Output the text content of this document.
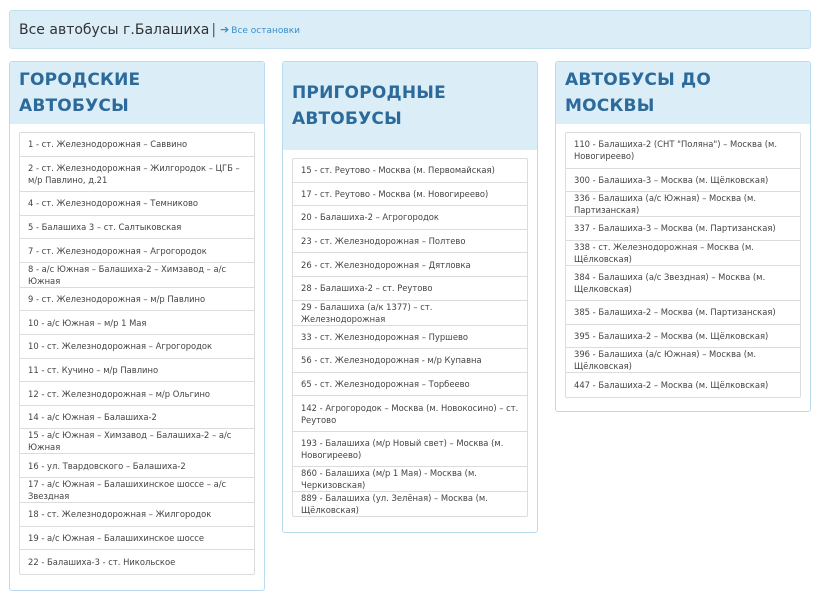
Все автобусы г.Балашиха | ➔ Все остановки
ГОРОДСКИЕ АВТОБУСЫ
1 - ст. Железнодорожная – Саввино
2 - ст. Железнодорожная – Жилгородок – ЦГБ – м/р Павлино, д.21
4 - ст. Железнодорожная – Темниково
5 - Балашиха 3 – ст. Салтыковская
7 - ст. Железнодорожная – Агрогородок
8 - а/с Южная – Балашиха-2 – Химзавод – а/с Южная
9 - ст. Железнодорожная – м/р Павлино
10 - а/с Южная – м/р 1 Мая
10 - ст. Железнодорожная – Агрогородок
11 - ст. Кучино – м/р Павлино
12 - ст. Железнодорожная – м/р Ольгино
14 - а/с Южная – Балашиха-2
15 - а/с Южная – Химзавод – Балашиха-2 – а/с Южная
16 - ул. Твардовского – Балашиха-2
17 - а/с Южная – Балашихинское шоссе – а/с Звездная
18 - ст. Железнодорожная – Жилгородок
19 - а/с Южная – Балашихинское шоссе
22 - Балашиха-3 - ст. Никольское
ПРИГОРОДНЫЕ АВТОБУСЫ
15 - ст. Реутово - Москва (м. Первомайская)
17 - ст. Реутово - Москва (м. Новогиреево)
20 - Балашиха-2 – Агрогородок
23 - ст. Железнодорожная – Полтево
26 - ст. Железнодорожная – Дятловка
28 - Балашиха-2 – ст. Реутово
29 - Балашиха (а/к 1377) – ст. Железнодорожная
33 - ст. Железнодорожная – Пуршево
56 - ст. Железнодорожная - м/р Купавна
65 - ст. Железнодорожная – Торбеево
142 - Агрогородок – Москва (м. Новокосино) – ст. Реутово
193 - Балашиха (м/р Новый свет) – Москва (м. Новогиреево)
860 - Балашиха (м/р 1 Мая) - Москва (м. Черкизовская)
889 - Балашиха (ул. Зелёная) – Москва (м. Щёлковская)
АВТОБУСЫ ДО МОСКВЫ
110 - Балашиха-2 (СНТ "Поляна") – Москва (м. Новогиреево)
300 - Балашиха-3 – Москва (м. Щёлковская)
336 - Балашиха (а/с Южная) – Москва (м. Партизанская)
337 - Балашиха-3 – Москва (м. Партизанская)
338 - ст. Железнодорожная – Москва (м. Щёлковская)
384 - Балашиха (а/с Звездная) – Москва (м. Щелковская)
385 - Балашиха-2 – Москва (м. Партизанская)
395 - Балашиха-2 – Москва (м. Щёлковская)
396 - Балашиха (а/с Южная) – Москва (м. Щёлковская)
447 - Балашиха-2 – Москва (м. Щёлковская)
